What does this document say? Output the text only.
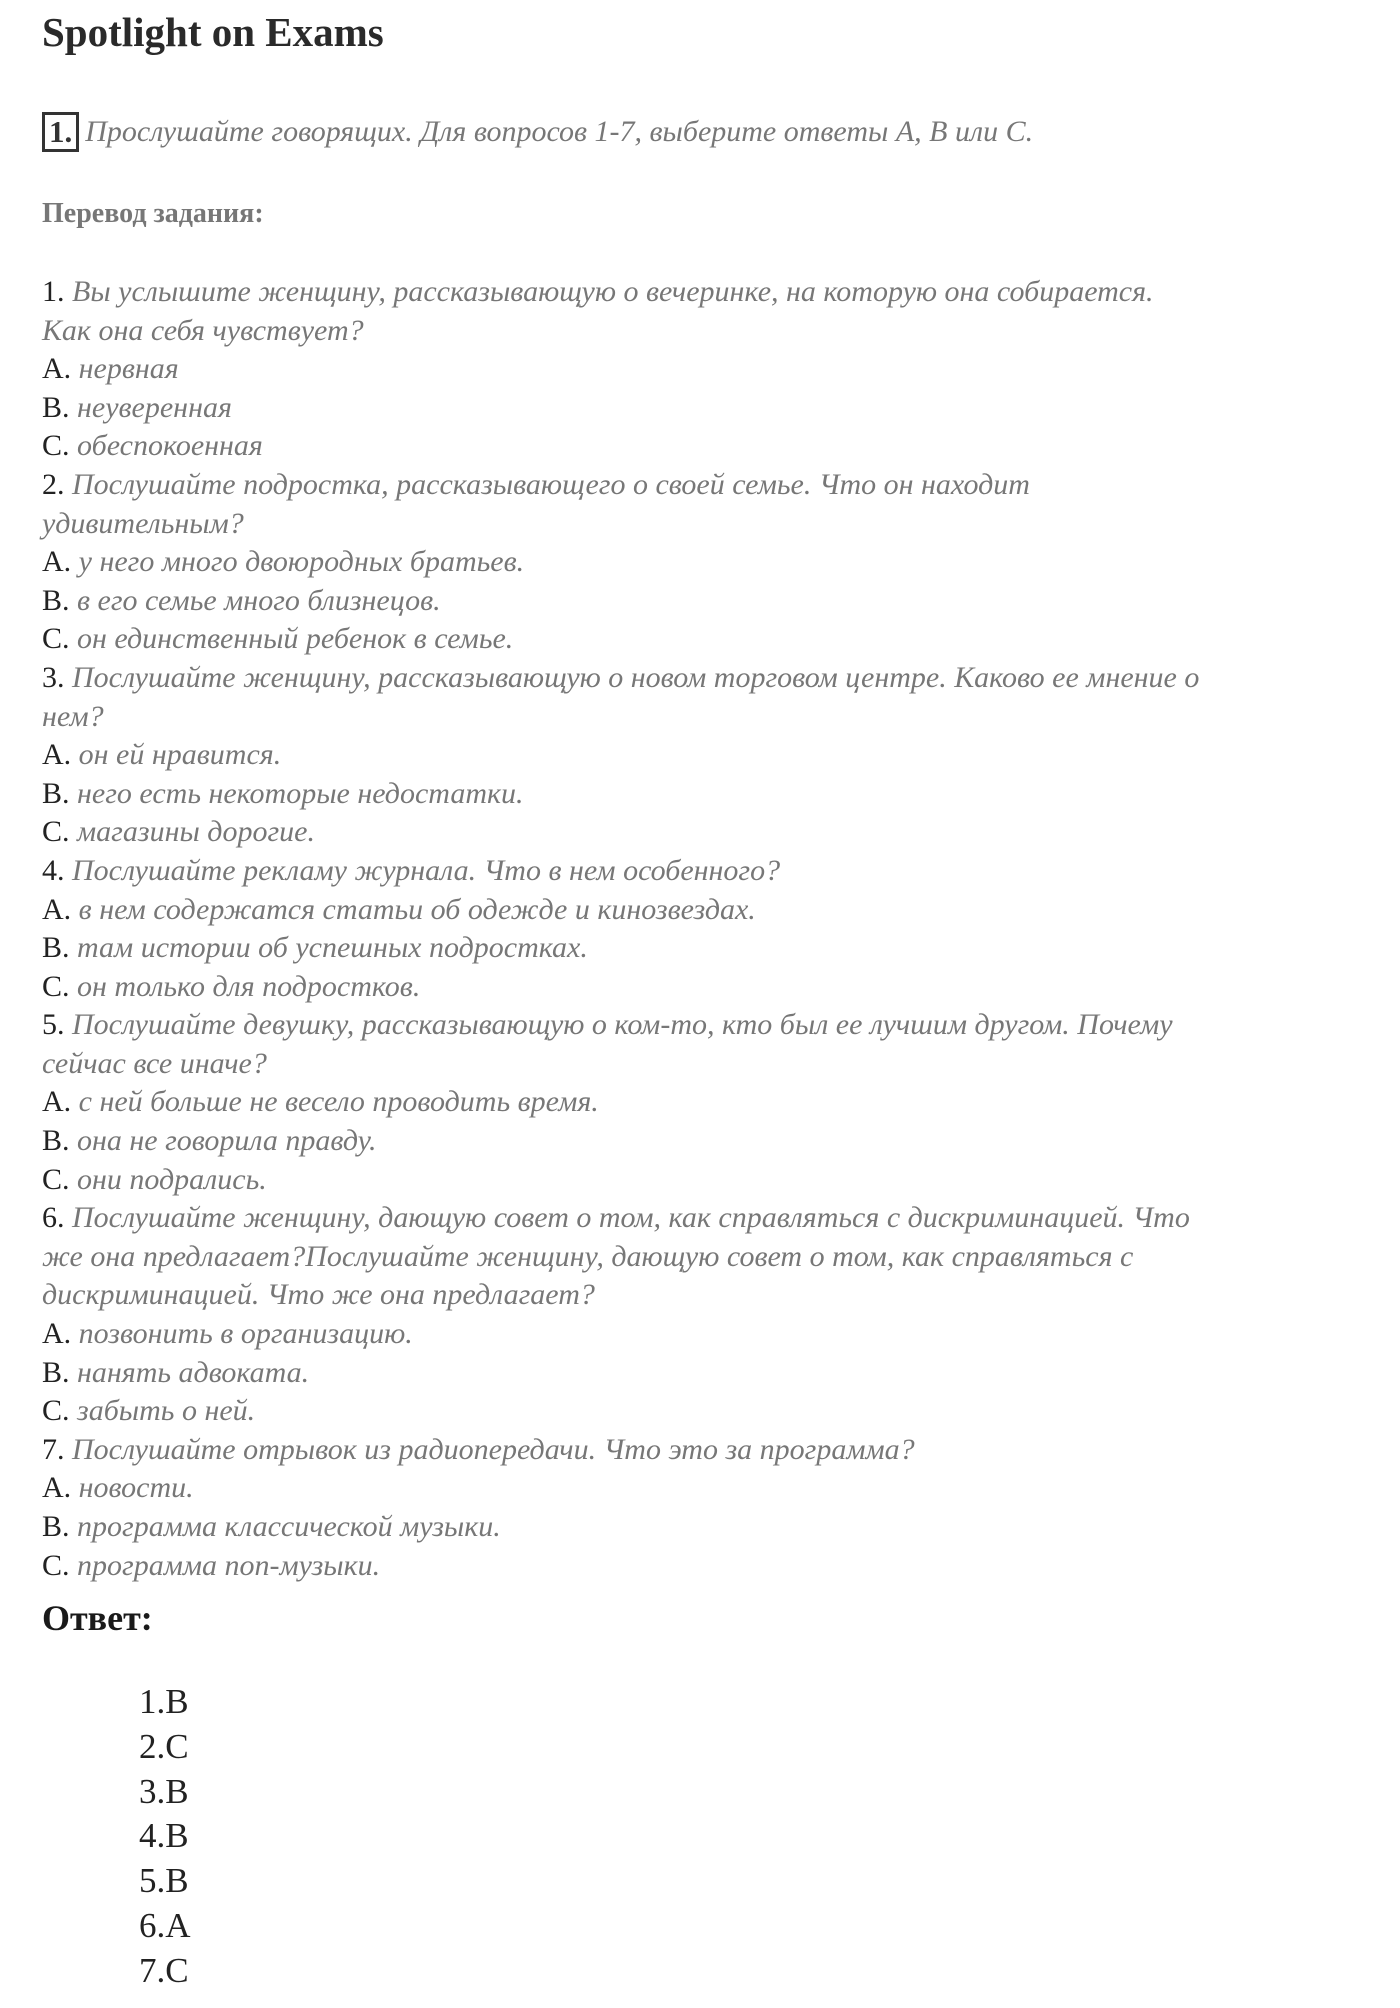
Spotlight on Exams
1. Прослушайте говорящих. Для вопросов 1-7, выберите ответы A, B или C.
Перевод задания:
1. Вы услышите женщину, рассказывающую о вечеринке, на которую она собирается.
Как она себя чувствует?
A. нервная
B. неуверенная
C. обеспокоенная
2. Послушайте подростка, рассказывающего о своей семье. Что он находит
удивительным?
A. у него много двоюродных братьев.
B. в его семье много близнецов.
C. он единственный ребенок в семье.
3. Послушайте женщину, рассказывающую о новом торговом центре. Каково ее мнение о
нем?
A. он ей нравится.
B. него есть некоторые недостатки.
C. магазины дорогие.
4. Послушайте рекламу журнала. Что в нем особенного?
A. в нем содержатся статьи об одежде и кинозвездах.
B. там истории об успешных подростках.
C. он только для подростков.
5. Послушайте девушку, рассказывающую о ком-то, кто был ее лучшим другом. Почему
сейчас все иначе?
A. с ней больше не весело проводить время.
B. она не говорила правду.
C. они подрались.
6. Послушайте женщину, дающую совет о том, как справляться с дискриминацией. Что
же она предлагает?Послушайте женщину, дающую совет о том, как справляться с
дискриминацией. Что же она предлагает?
A. позвонить в организацию.
B. нанять адвоката.
C. забыть о ней.
7. Послушайте отрывок из радиопередачи. Что это за программа?
A. новости.
B. программа классической музыки.
C. программа поп-музыки.
Ответ:
1.B
2.C
3.B
4.B
5.B
6.A
7.C
